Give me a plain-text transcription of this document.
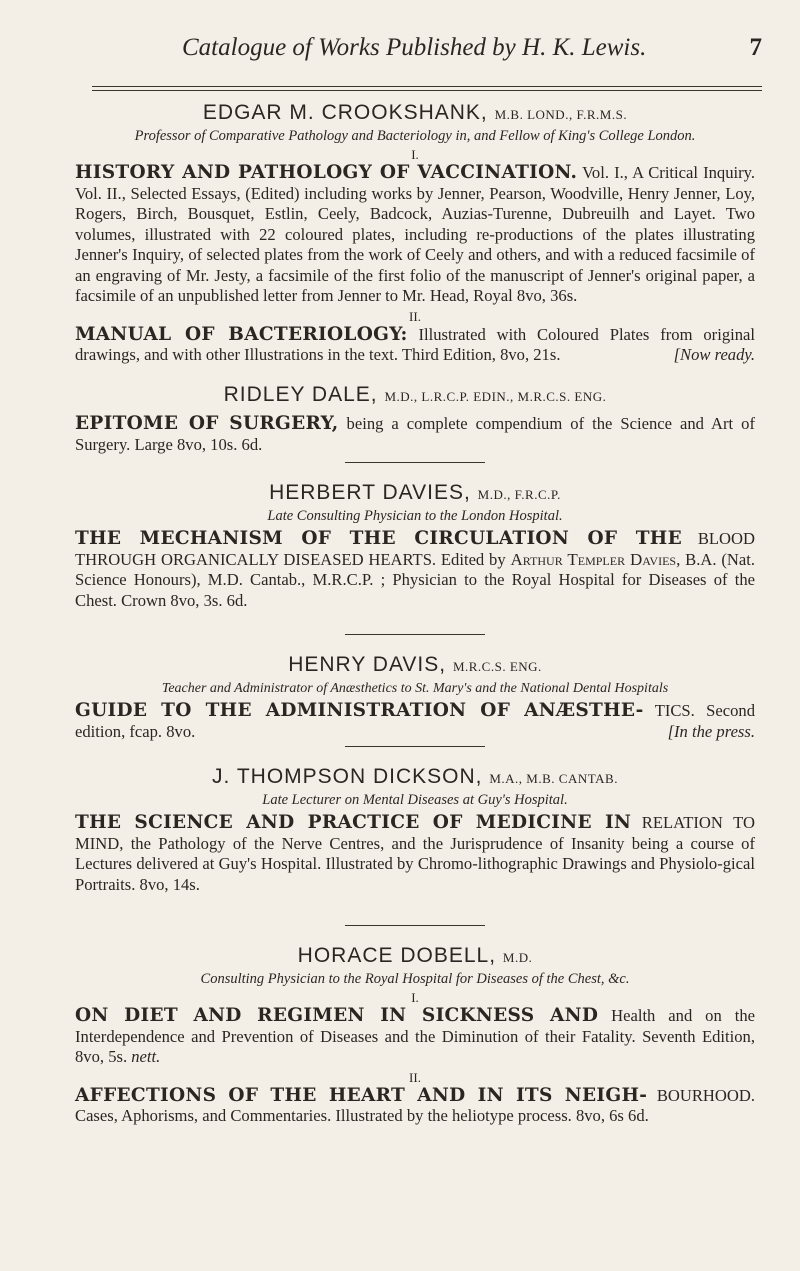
Catalogue of Works Published by H. K. Lewis.	7

EDGAR M. CROOKSHANK, M.B. LOND., F.R.M.S.

Professor of Comparative Pathology and Bacteriology in, and Fellow of King's College London.

I.

HISTORY AND PATHOLOGY OF VACCINATION. Vol. I., A Critical Inquiry. Vol. II., Selected Essays, (Edited) including works by Jenner, Pearson, Woodville, Henry Jenner, Loy, Rogers, Birch, Bousquet, Estlin, Ceely, Badcock, Auzias-Turenne, Dubreuilh and Layet. Two volumes, illustrated with 22 coloured plates, including re-productions of the plates illustrating Jenner's Inquiry, of selected plates from the work of Ceely and others, and with a reduced facsimile of an engraving of Mr. Jesty, a facsimile of the first folio of the manuscript of Jenner's original paper, a facsimile of an unpublished letter from Jenner to Mr. Head, Royal 8vo, 36s.

II.

MANUAL OF BACTERIOLOGY: Illustrated with Coloured Plates from original drawings, and with other Illustrations in the text. Third Edition, 8vo, 21s.	[Now ready.

RIDLEY DALE, M.D., L.R.C.P. EDIN., M.R.C.S. ENG.

EPITOME OF SURGERY, being a complete compendium of the Science and Art of Surgery. Large 8vo, 10s. 6d.

HERBERT DAVIES, M.D., F.R.C.P.

Late Consulting Physician to the London Hospital.

THE MECHANISM OF THE CIRCULATION OF THE BLOOD THROUGH ORGANICALLY DISEASED HEARTS. Edited by Arthur Templer Davies, B.A. (Nat. Science Honours), M.D. Cantab., M.R.C.P. ; Physician to the Royal Hospital for Diseases of the Chest. Crown 8vo, 3s. 6d.

HENRY DAVIS, M.R.C.S. ENG.

Teacher and Administrator of Anæsthetics to St. Mary's and the National Dental Hospitals

GUIDE TO THE ADMINISTRATION OF ANÆSTHE- TICS. Second edition, fcap. 8vo.	[In the press.

J. THOMPSON DICKSON, M.A., M.B. CANTAB.

Late Lecturer on Mental Diseases at Guy's Hospital.

THE SCIENCE AND PRACTICE OF MEDICINE IN RELATION TO MIND, the Pathology of the Nerve Centres, and the Jurisprudence of Insanity being a course of Lectures delivered at Guy's Hospital. Illustrated by Chromo-lithographic Drawings and Physiolo-gical Portraits. 8vo, 14s.

HORACE DOBELL, M.D.

Consulting Physician to the Royal Hospital for Diseases of the Chest, &c.

I.

ON DIET AND REGIMEN IN SICKNESS AND Health and on the Interdependence and Prevention of Diseases and the Diminution of their Fatality. Seventh Edition, 8vo, 5s. nett.

II.

AFFECTIONS OF THE HEART AND IN ITS NEIGH- BOURHOOD. Cases, Aphorisms, and Commentaries. Illustrated by the heliotype process. 8vo, 6s 6d.
